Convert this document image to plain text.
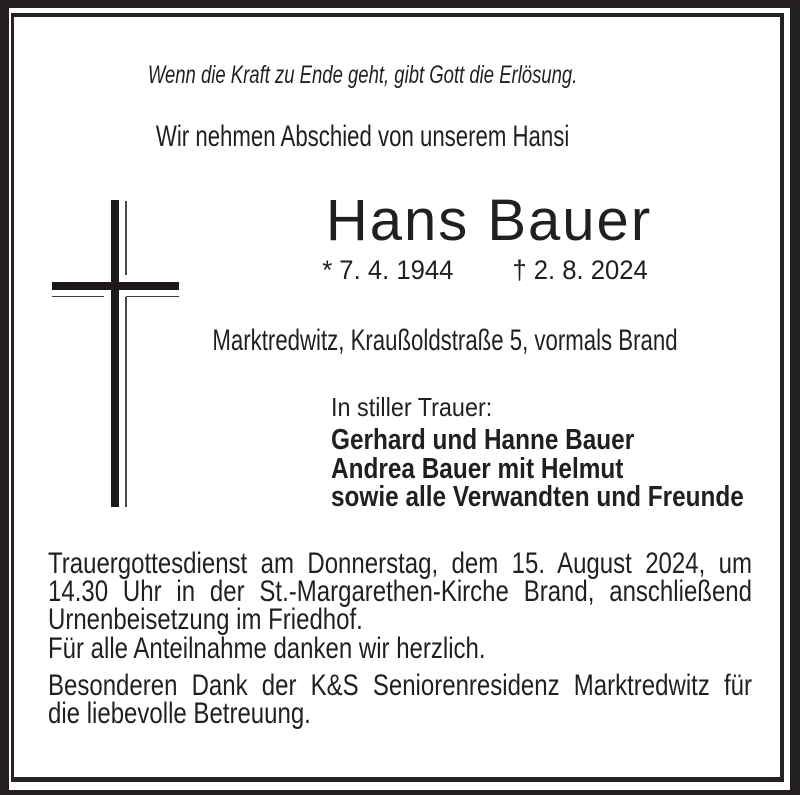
Wenn die Kraft zu Ende geht, gibt Gott die Erlösung.
Wir nehmen Abschied von unserem Hansi
Hans Bauer
* 7. 4. 1944 † 2. 8. 2024
Marktredwitz, Kraußoldstraße 5, vormals Brand
In stiller Trauer:
Gerhard und Hanne Bauer
Andrea Bauer mit Helmut
sowie alle Verwandten und Freunde
Trauergottesdienst am Donnerstag, dem 15. August 2024, um
14.30 Uhr in der St.-Margarethen-Kirche Brand, anschließend
Urnenbeisetzung im Friedhof.
Für alle Anteilnahme danken wir herzlich.
Besonderen Dank der K&S Seniorenresidenz Marktredwitz für
die liebevolle Betreuung.
